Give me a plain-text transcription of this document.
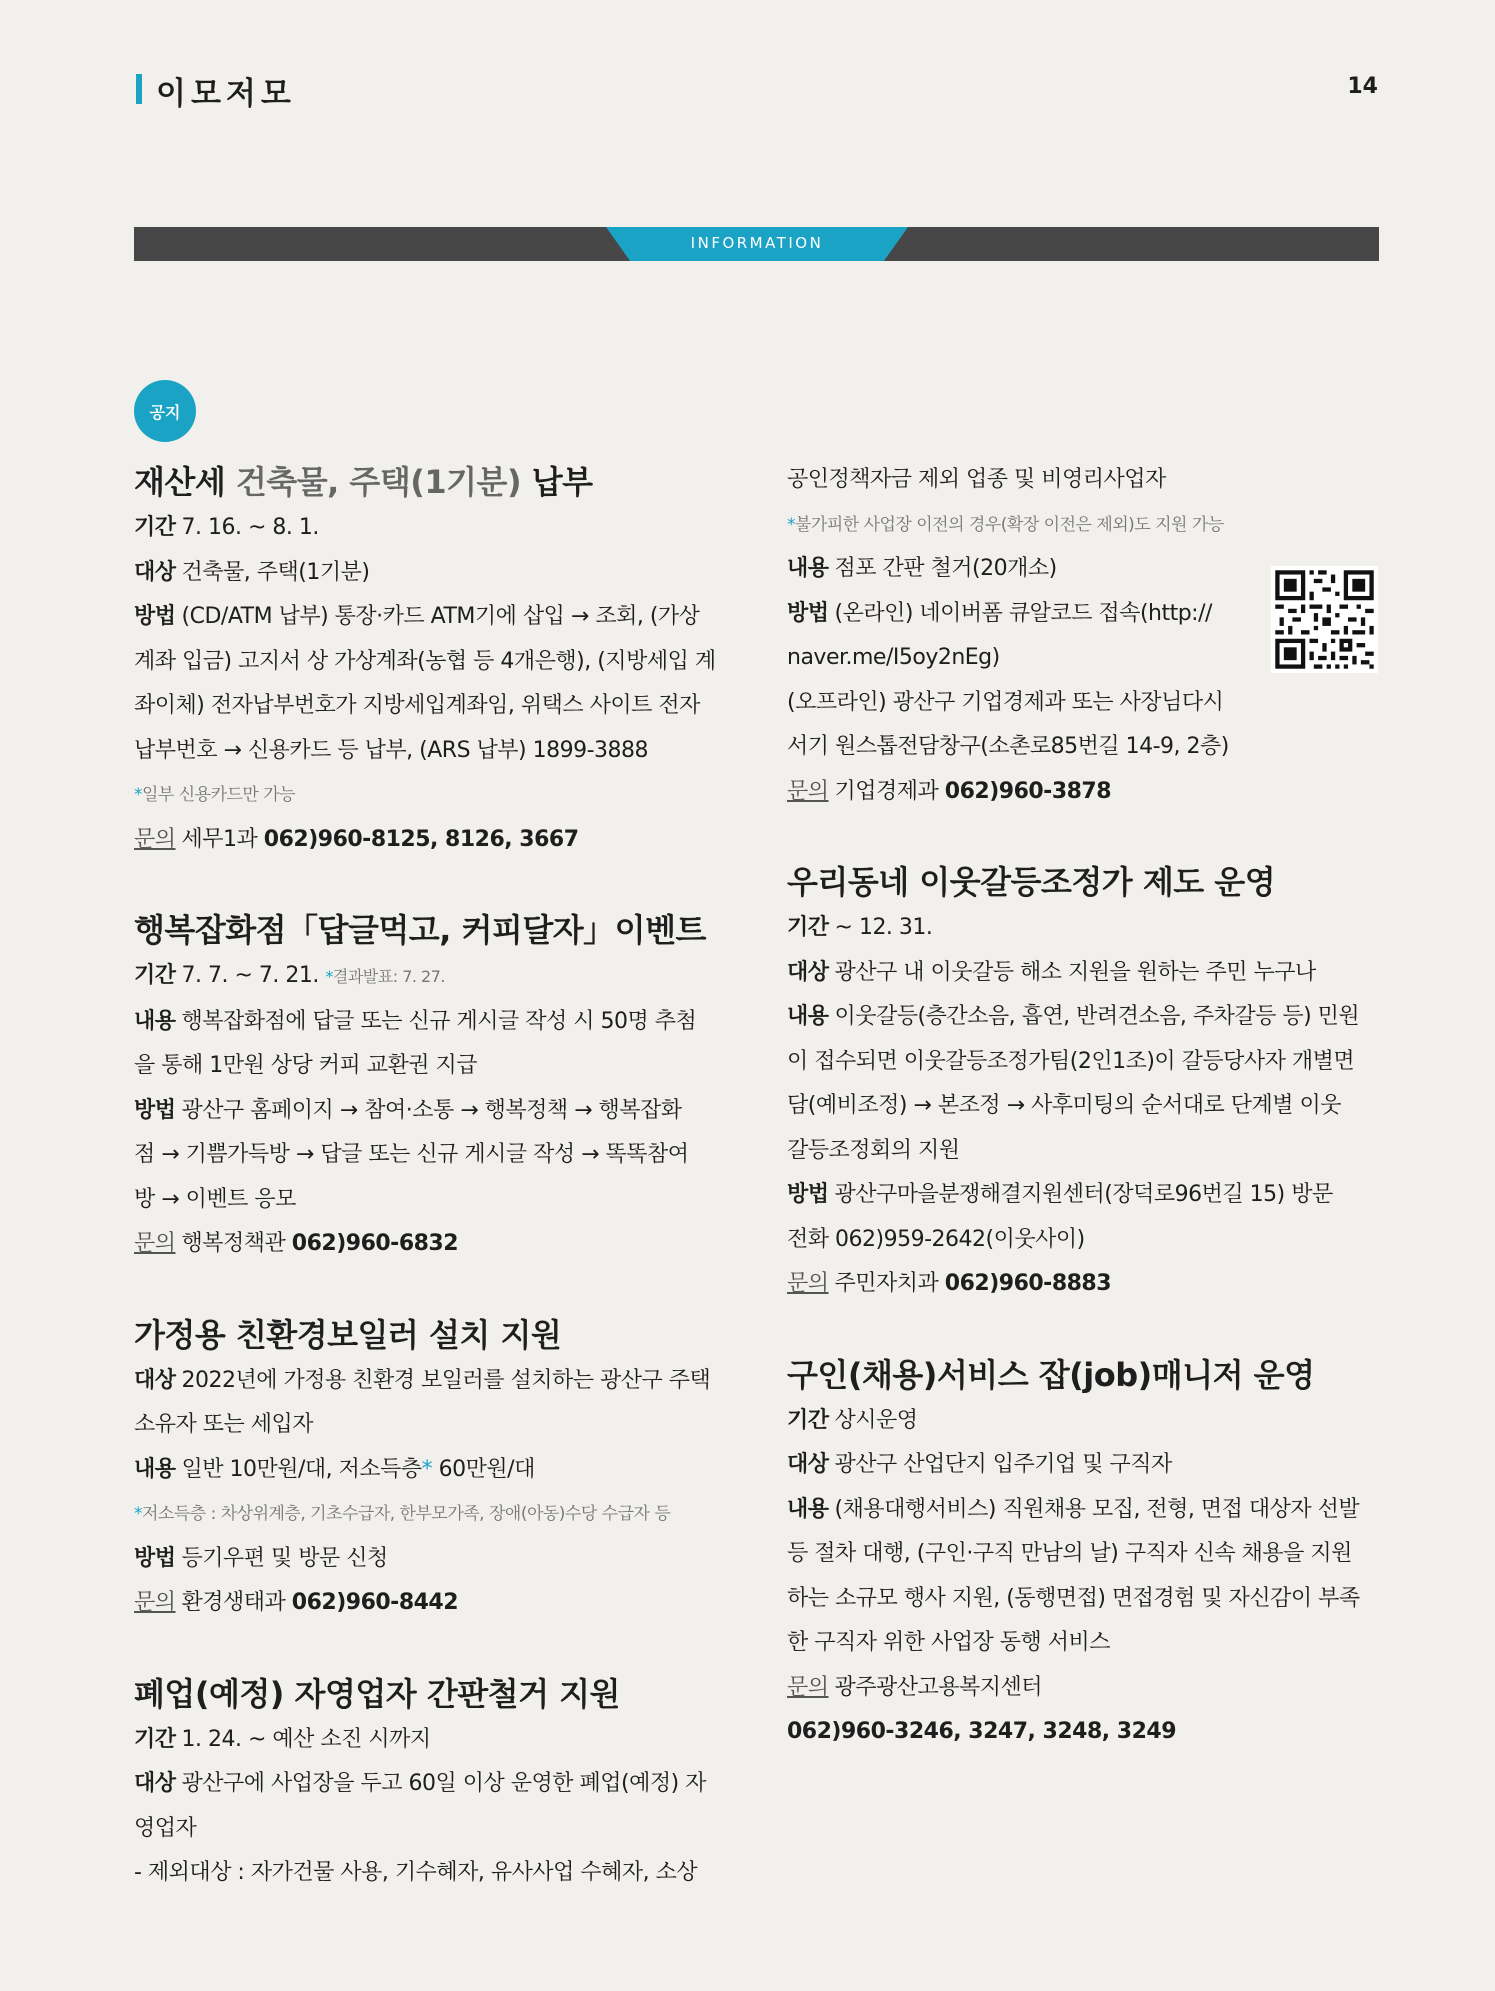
이모저모	14
INFORMATION
공지

재산세 건축물, 주택(1기분) 납부

기간 7. 16. ~ 8. 1.

대상 건축물, 주택(1기분)

방법 (CD/ATM 납부) 통장·카드 ATM기에 삽입 → 조회, (가상

계좌 입금) 고지서 상 가상계좌(농협 등 4개은행), (지방세입 계

좌이체) 전자납부번호가 지방세입계좌임, 위택스 사이트 전자

납부번호 → 신용카드 등 납부, (ARS 납부) 1899-3888

*일부 신용카드만 가능

문의 세무1과 062)960-8125, 8126, 3667

행복잡화점「답글먹고, 커피달자」이벤트

기간 7. 7. ~ 7. 21. *결과발표: 7. 27.

내용 행복잡화점에 답글 또는 신규 게시글 작성 시 50명 추첨

을 통해 1만원 상당 커피 교환권 지급

방법 광산구 홈페이지 → 참여·소통 → 행복정책 → 행복잡화

점 → 기쁨가득방 → 답글 또는 신규 게시글 작성 → 똑똑참여

방 → 이벤트 응모

문의 행복정책관 062)960-6832

가정용 친환경보일러 설치 지원

대상 2022년에 가정용 친환경 보일러를 설치하는 광산구 주택

소유자 또는 세입자

내용 일반 10만원/대, 저소득층* 60만원/대

*저소득층 : 차상위계층, 기초수급자, 한부모가족, 장애(아동)수당 수급자 등

방법 등기우편 및 방문 신청

문의 환경생태과 062)960-8442

폐업(예정) 자영업자 간판철거 지원

기간 1. 24. ~ 예산 소진 시까지

대상 광산구에 사업장을 두고 60일 이상 운영한 폐업(예정) 자

영업자

- 제외대상 : 자가건물 사용, 기수혜자, 유사사업 수혜자, 소상

공인정책자금 제외 업종 및 비영리사업자

*불가피한 사업장 이전의 경우(확장 이전은 제외)도 지원 가능

내용 점포 간판 철거(20개소)

방법 (온라인) 네이버폼 큐알코드 접속(http://

naver.me/I5oy2nEg)

(오프라인) 광산구 기업경제과 또는 사장님다시

서기 원스톱전담창구(소촌로85번길 14-9, 2층)

문의 기업경제과 062)960-3878

우리동네 이웃갈등조정가 제도 운영

기간 ~ 12. 31.

대상 광산구 내 이웃갈등 해소 지원을 원하는 주민 누구나

내용 이웃갈등(층간소음, 흡연, 반려견소음, 주차갈등 등) 민원

이 접수되면 이웃갈등조정가팀(2인1조)이 갈등당사자 개별면

담(예비조정) → 본조정 → 사후미팅의 순서대로 단계별 이웃

갈등조정회의 지원

방법 광산구마을분쟁해결지원센터(장덕로96번길 15) 방문

전화 062)959-2642(이웃사이)

문의 주민자치과 062)960-8883

구인(채용)서비스 잡(job)매니저 운영

기간 상시운영

대상 광산구 산업단지 입주기업 및 구직자

내용 (채용대행서비스) 직원채용 모집, 전형, 면접 대상자 선발

등 절차 대행, (구인·구직 만남의 날) 구직자 신속 채용을 지원

하는 소규모 행사 지원, (동행면접) 면접경험 및 자신감이 부족

한 구직자 위한 사업장 동행 서비스

문의 광주광산고용복지센터

062)960-3246, 3247, 3248, 3249
